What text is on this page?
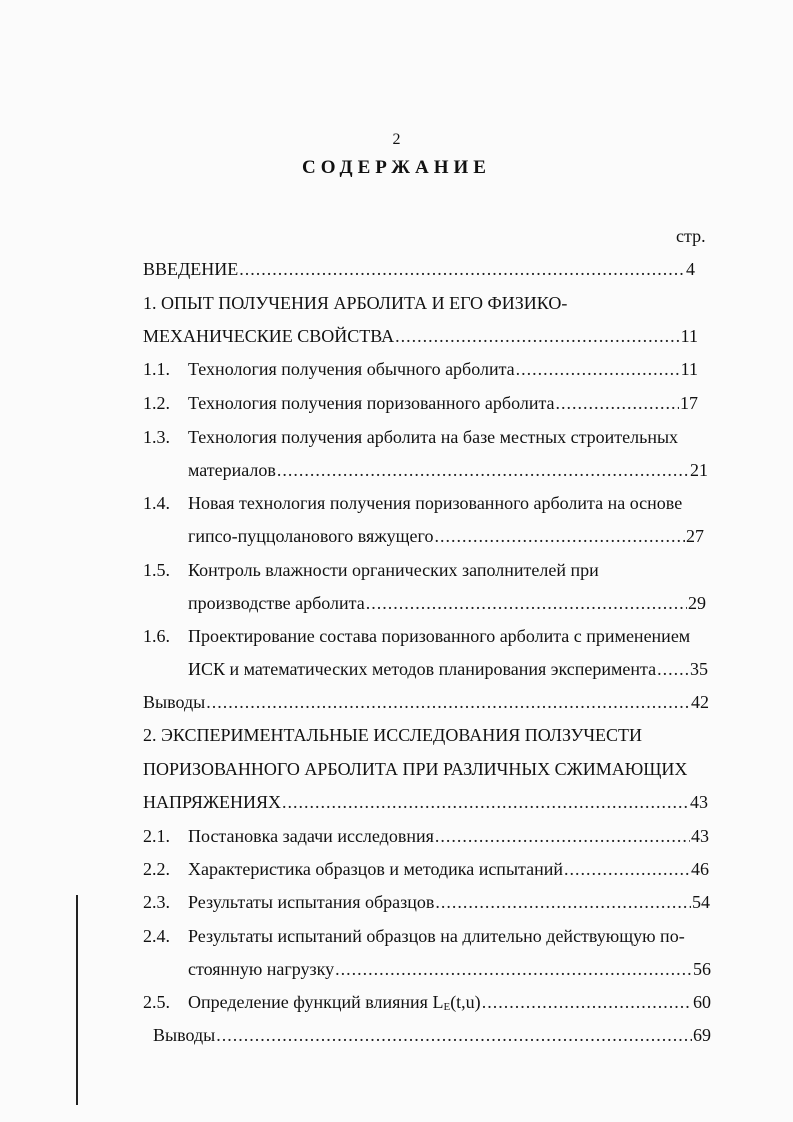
2
СОДЕРЖАНИЕ
стр.
ВВЕДЕНИЕ .....	4
1. ОПЫТ ПОЛУЧЕНИЯ АРБОЛИТА И ЕГО ФИЗИКО-
МЕХАНИЧЕСКИЕ СВОЙСТВА .....	11
1.1. Технология получения обычного арболита .....	11
1.2. Технология получения поризованного арболита .....	17
1.3. Технология получения арболита на базе местных строительных
материалов .....	21
1.4. Новая технология получения поризованного арболита на основе
гипсо-пуццоланового вяжущего .....	27
1.5. Контроль влажности органических заполнителей при
производстве арболита .....	29
1.6. Проектирование состава поризованного арболита с применением
ИСК и математических методов планирования эксперимента ..... 35
Выводы .....	42
2. ЭКСПЕРИМЕНТАЛЬНЫЕ ИССЛЕДОВАНИЯ ПОЛЗУЧЕСТИ
ПОРИЗОВАННОГО АРБОЛИТА ПРИ РАЗЛИЧНЫХ СЖИМАЮЩИХ
НАПРЯЖЕНИЯХ .....	43
2.1. Постановка задачи исследовния .....	43
2.2. Характеристика образцов и методика испытаний .....	46
2.3. Результаты испытания образцов .....	54
2.4. Результаты испытаний образцов на длительно действующую по-
стоянную нагрузку .....	56
2.5. Определение функций влияния $L_E(t,u)$ .....	60
Выводы .....	69
